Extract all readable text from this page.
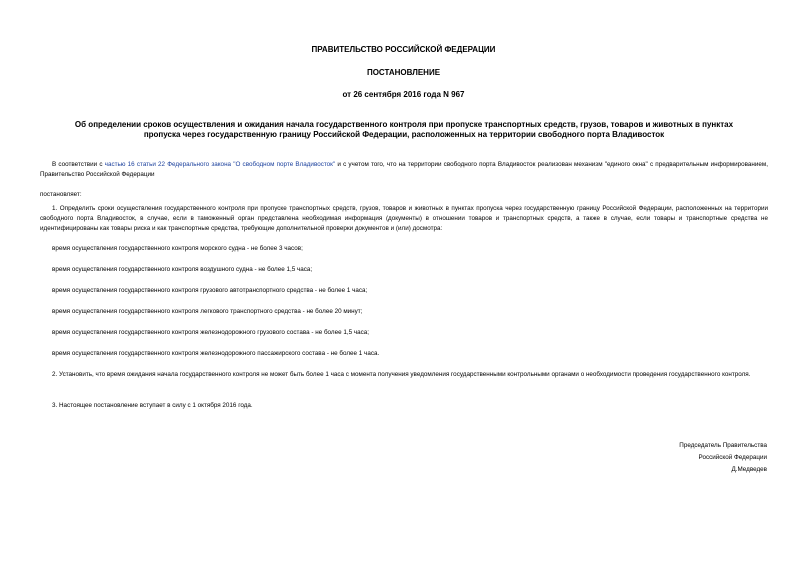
ПРАВИТЕЛЬСТВО РОССИЙСКОЙ ФЕДЕРАЦИИ
ПОСТАНОВЛЕНИЕ
от 26 сентября 2016 года N 967
Об определении сроков осуществления и ожидания начала государственного контроля при пропуске транспортных средств, грузов, товаров и животных в пунктах пропуска через государственную границу Российской Федерации, расположенных на территории свободного порта Владивосток
В соответствии с частью 16 статьи 22 Федерального закона "О свободном порте Владивосток" и с учетом того, что на территории свободного порта Владивосток реализован механизм "единого окна" с предварительным информированием, Правительство Российской Федерации
постановляет:
1. Определить сроки осуществления государственного контроля при пропуске транспортных средств, грузов, товаров и животных в пунктах пропуска через государственную границу Российской Федерации, расположенных на территории свободного порта Владивосток, в случае, если в таможенный орган представлена необходимая информация (документы) в отношении товаров и транспортных средств, а также в случае, если товары и транспортные средства не идентифицированы как товары риска и как транспортные средства, требующие дополнительной проверки документов и (или) досмотра:
время осуществления государственного контроля морского судна - не более 3 часов;
время осуществления государственного контроля воздушного судна - не более 1,5 часа;
время осуществления государственного контроля грузового автотранспортного средства - не более 1 часа;
время осуществления государственного контроля легкового транспортного средства - не более 20 минут;
время осуществления государственного контроля железнодорожного грузового состава - не более 1,5 часа;
время осуществления государственного контроля железнодорожного пассажирского состава - не более 1 часа.
2. Установить, что время ожидания начала государственного контроля не может быть более 1 часа с момента получения уведомления государственными контрольными органами о необходимости проведения государственного контроля.
3. Настоящее постановление вступает в силу с 1 октября 2016 года.
Председатель Правительства
Российской Федерации
Д.Медведев
